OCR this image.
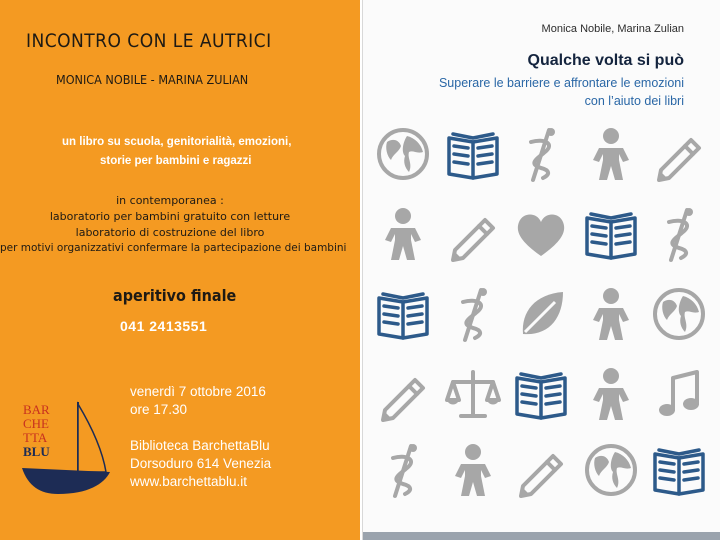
INCONTRO CON LE AUTRICI
MONICA NOBILE - MARINA ZULIAN
un libro su scuola, genitorialità, emozioni,
storie per bambini e ragazzi
in contemporanea :
laboratorio per bambini gratuito con letture
laboratorio di costruzione del libro
per motivi organizzativi confermare la partecipazione dei bambini
aperitivo finale
041 2413551
venerdì 7 ottobre 2016
ore 17.30
Biblioteca BarchettaBlu
Dorsoduro 614 Venezia
www.barchettablu.it
BAR
CHE
TTA
BLU
Monica Nobile, Marina Zulian
Qualche volta si può
Superare le barriere e affrontare le emozioni
con l’aiuto dei libri
